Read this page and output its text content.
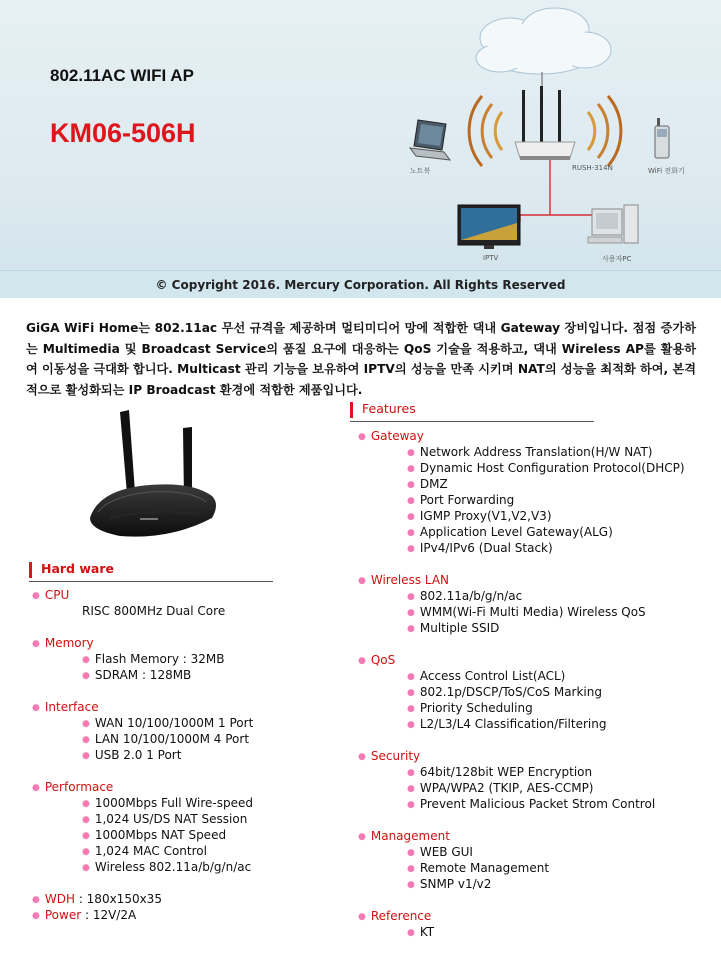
802.11AC WIFI AP
KM06-506H
노트북	RUSH-314N	WiFi 전화기
IPTV	사용자PC
© Copyright 2016. Mercury Corporation. All Rights Reserved
GiGA WiFi Home는 802.11ac 무선 규격을 제공하며 멀티미디어 망에 적합한 댁내 Gateway 장비입니다. 점점 증가하는 Multimedia 및 Broadcast Service의 품질 요구에 대응하는 QoS 기술을 적용하고, 댁내 Wireless AP를 활용하여 이동성을 극대화 합니다. Multicast 관리 기능을 보유하여 IPTV의 성능을 만족 시키며 NAT의 성능을 최적화 하여, 본격적으로 활성화되는 IP Broadcast 환경에 적합한 제품입니다.
Hard ware
● CPU
RISC 800MHz Dual Core
● Memory
● Flash Memory : 32MB
● SDRAM : 128MB
● Interface
● WAN 10/100/1000M 1 Port
● LAN 10/100/1000M 4 Port
● USB 2.0 1 Port
● Performace
● 1000Mbps Full Wire-speed
● 1,024 US/DS NAT Session
● 1000Mbps NAT Speed
● 1,024 MAC Control
● Wireless 802.11a/b/g/n/ac
● WDH : 180x150x35
● Power : 12V/2A
Features
● Gateway
● Network Address Translation(H/W NAT)
● Dynamic Host Configuration Protocol(DHCP)
● DMZ
● Port Forwarding
● IGMP Proxy(V1,V2,V3)
● Application Level Gateway(ALG)
● IPv4/IPv6 (Dual Stack)
● Wireless LAN
● 802.11a/b/g/n/ac
● WMM(Wi-Fi Multi Media) Wireless QoS
● Multiple SSID
● QoS
● Access Control List(ACL)
● 802.1p/DSCP/ToS/CoS Marking
● Priority Scheduling
● L2/L3/L4 Classification/Filtering
● Security
● 64bit/128bit WEP Encryption
● WPA/WPA2 (TKIP, AES-CCMP)
● Prevent Malicious Packet Strom Control
● Management
● WEB GUI
● Remote Management
● SNMP v1/v2
● Reference
● KT
